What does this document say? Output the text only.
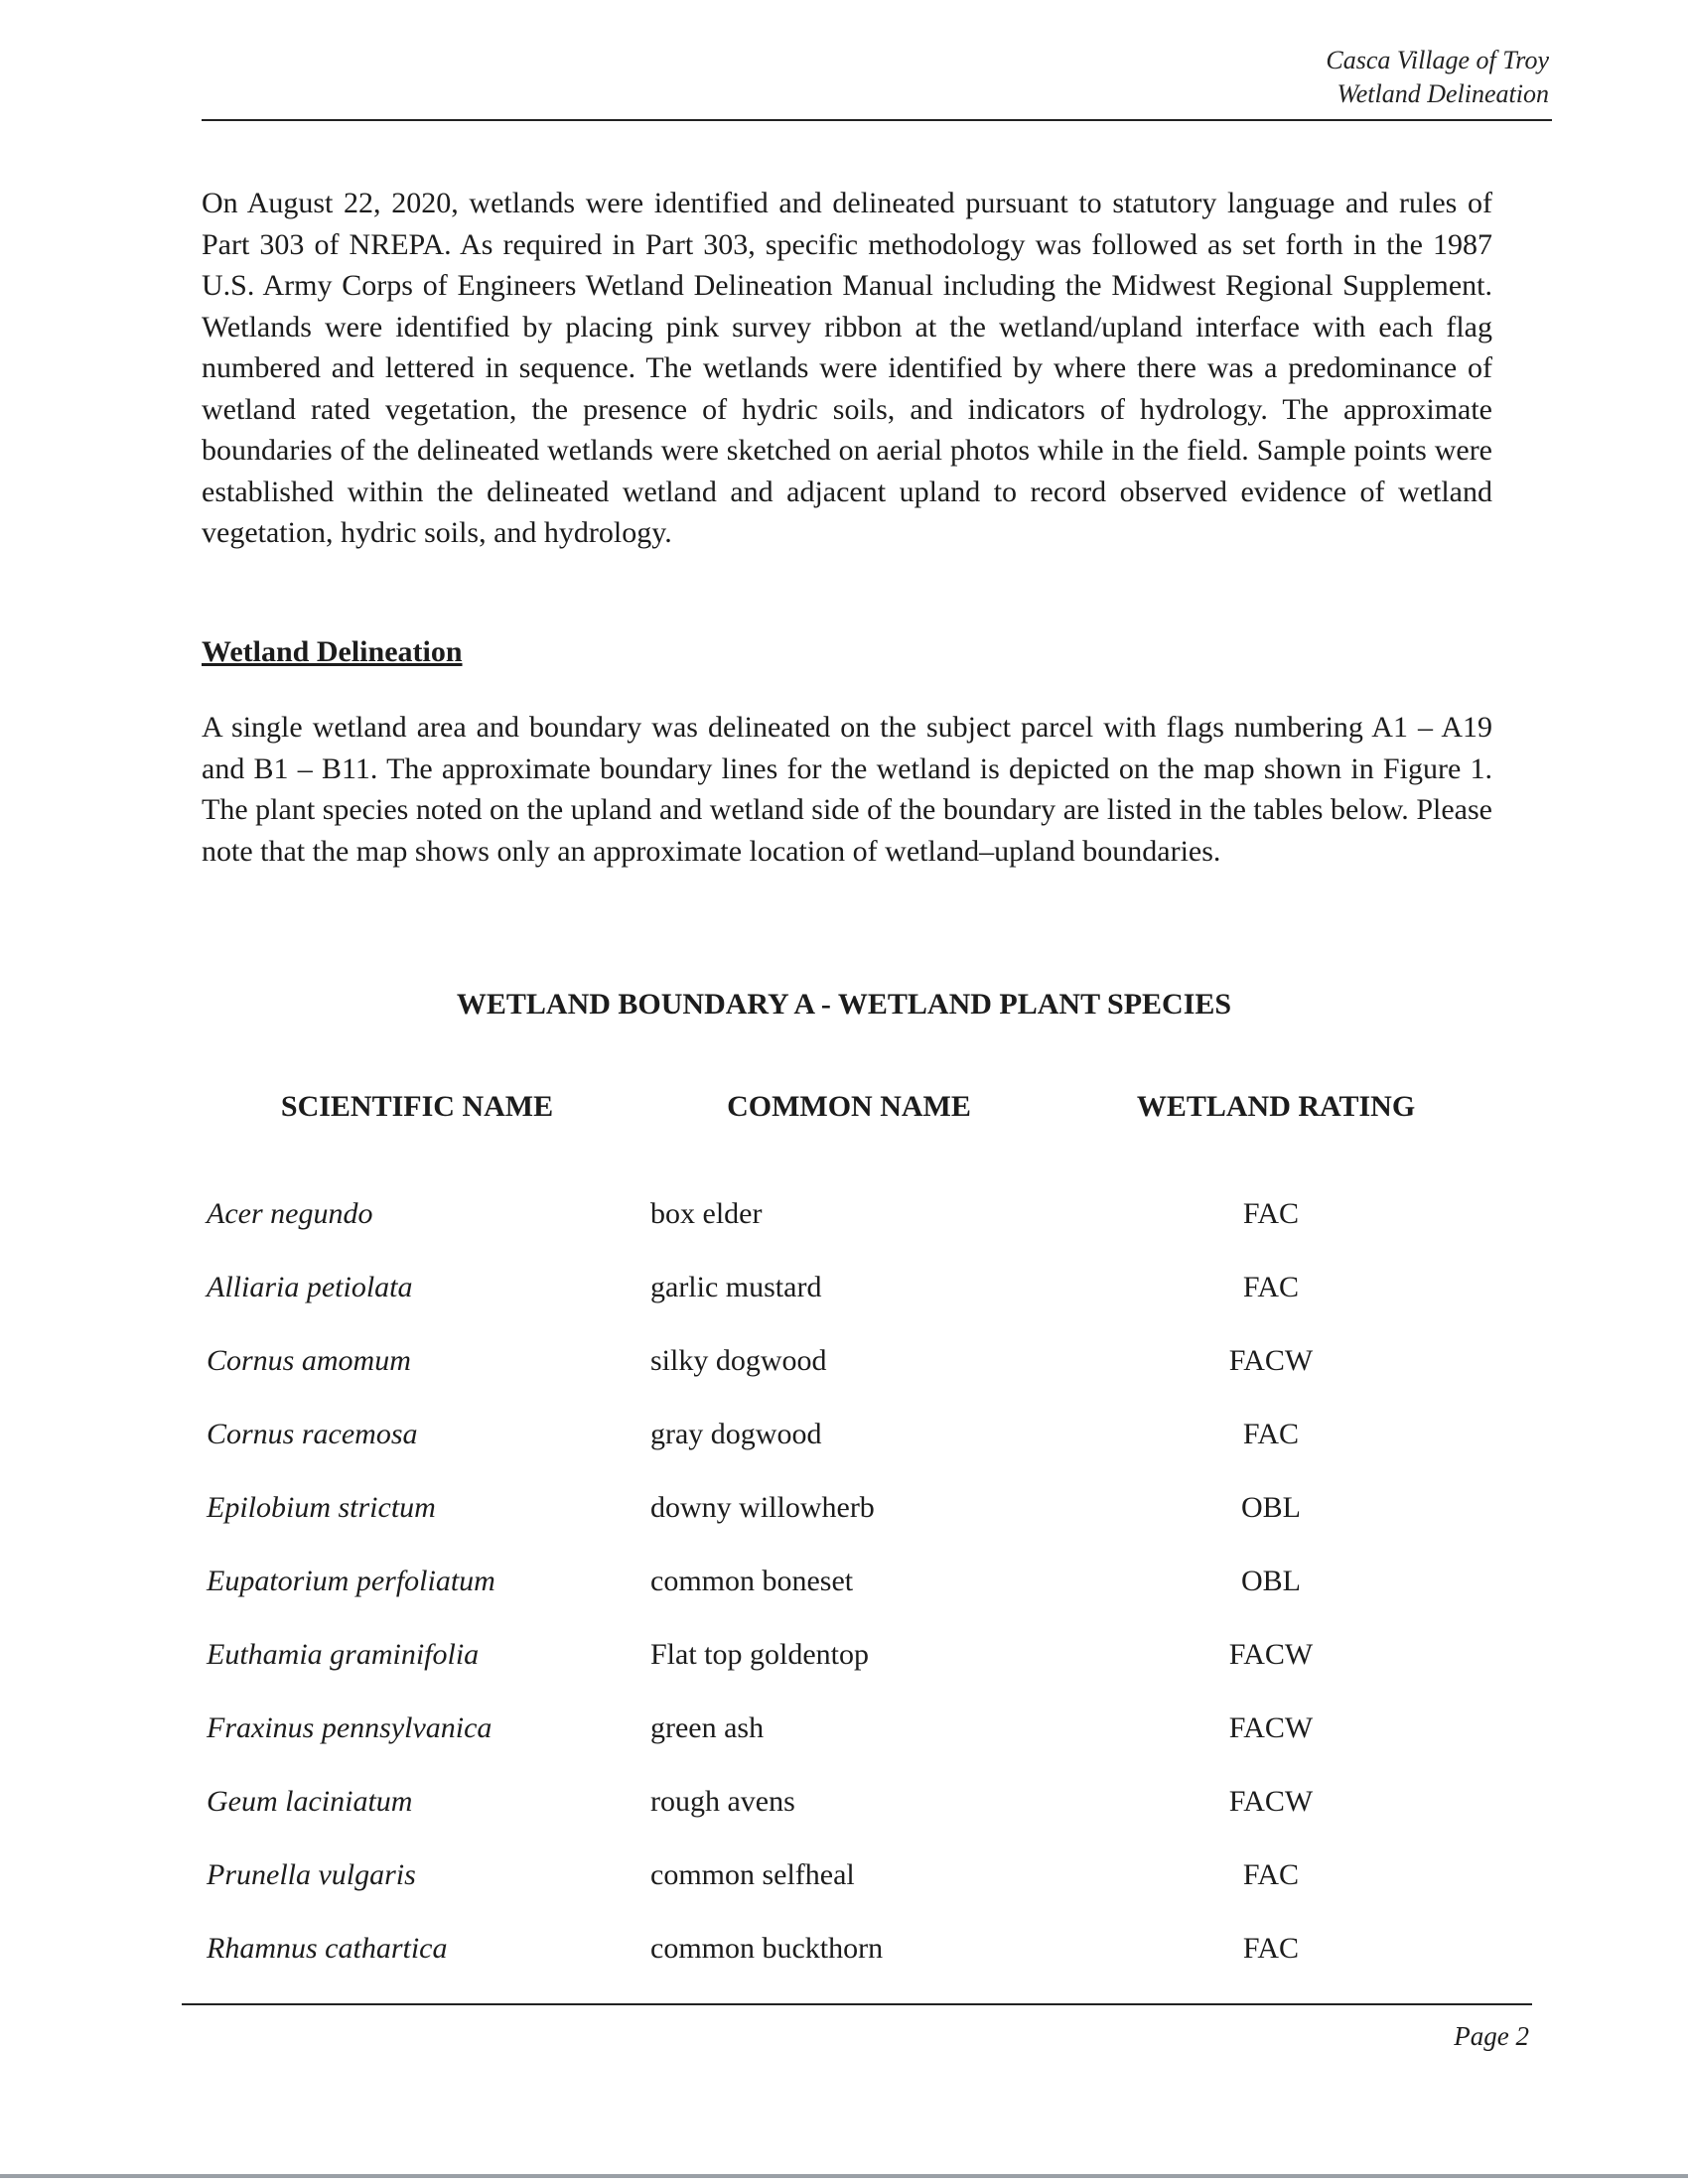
Casca Village of Troy
Wetland Delineation

On August 22, 2020, wetlands were identified and delineated pursuant to statutory language and rules of Part 303 of NREPA. As required in Part 303, specific methodology was followed as set forth in the 1987 U.S. Army Corps of Engineers Wetland Delineation Manual including the Midwest Regional Supplement. Wetlands were identified by placing pink survey ribbon at the wetland/upland interface with each flag numbered and lettered in sequence. The wetlands were identified by where there was a predominance of wetland rated vegetation, the presence of hydric soils, and indicators of hydrology. The approximate boundaries of the delineated wetlands were sketched on aerial photos while in the field. Sample points were established within the delineated wetland and adjacent upland to record observed evidence of wetland vegetation, hydric soils, and hydrology.

Wetland Delineation

A single wetland area and boundary was delineated on the subject parcel with flags numbering A1 – A19 and B1 – B11. The approximate boundary lines for the wetland is depicted on the map shown in Figure 1. The plant species noted on the upland and wetland side of the boundary are listed in the tables below. Please note that the map shows only an approximate location of wetland–upland boundaries.

WETLAND BOUNDARY A - WETLAND PLANT SPECIES
SCIENTIFIC NAME	COMMON NAME	WETLAND RATING
Acer negundo	box elder	FAC
Alliaria petiolata	garlic mustard	FAC
Cornus amomum	silky dogwood	FACW
Cornus racemosa	gray dogwood	FAC
Epilobium strictum	downy willowherb	OBL
Eupatorium perfoliatum	common boneset	OBL
Euthamia graminifolia	Flat top goldentop	FACW
Fraxinus pennsylvanica	green ash	FACW
Geum laciniatum	rough avens	FACW
Prunella vulgaris	common selfheal	FAC
Rhamnus cathartica	common buckthorn	FAC
Page 2
